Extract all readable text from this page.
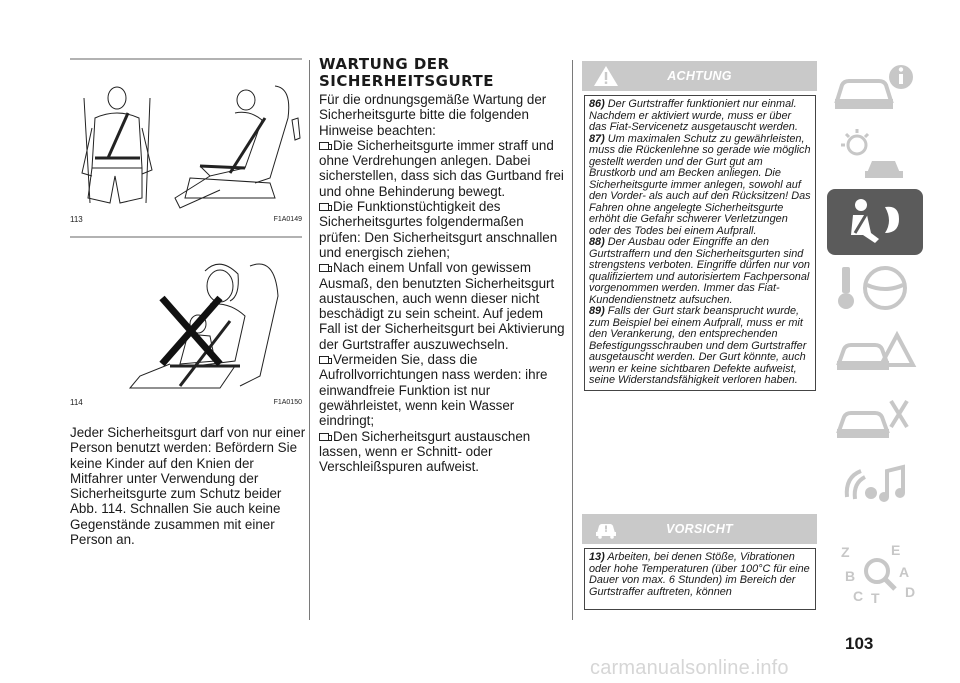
113	F1A0149
114	F1A0150
Jeder Sicherheitsgurt darf von nur einer Person benutzt werden: Befördern Sie keine Kinder auf den Knien der Mitfahrer unter Verwendung der Sicherheitsgurte zum Schutz beider Abb. 114. Schnallen Sie auch keine Gegenstände zusammen mit einer Person an.
WARTUNG DER
SICHERHEITSGURTE

Für die ordnungsgemäße Wartung der Sicherheitsgurte bitte die folgenden Hinweise beachten:

Die Sicherheitsgurte immer straff und ohne Verdrehungen anlegen. Dabei sicherstellen, dass sich das Gurtband frei und ohne Behinderung bewegt.

Die Funktionstüchtigkeit des Sicherheitsgurtes folgendermaßen prüfen: Den Sicherheitsgurt anschnallen und energisch ziehen;

Nach einem Unfall von gewissem Ausmaß, den benutzten Sicherheitsgurt austauschen, auch wenn dieser nicht beschädigt zu sein scheint. Auf jedem Fall ist der Sicherheitsgurt bei Aktivierung der Gurtstraffer auszuwechseln.

Vermeiden Sie, dass die Aufrollvorrichtungen nass werden: ihre einwandfreie Funktion ist nur gewährleistet, wenn kein Wasser eindringt;

Den Sicherheitsgurt austauschen lassen, wenn er Schnitt- oder Verschleißspuren aufweist.

ACHTUNG
86) Der Gurtstraffer funktioniert nur einmal. Nachdem er aktiviert wurde, muss er über das Fiat-Servicenetz ausgetauscht werden.
87) Um maximalen Schutz zu gewährleisten, muss die Rückenlehne so gerade wie möglich gestellt werden und der Gurt gut am Brustkorb und am Becken anliegen. Die Sicherheitsgurte immer anlegen, sowohl auf den Vorder- als auch auf den Rücksitzen! Das Fahren ohne angelegte Sicherheitsgurte erhöht die Gefahr schwerer Verletzungen oder des Todes bei einem Aufprall.
88) Der Ausbau oder Eingriffe an den Gurtstraffern und den Sicherheitsgurten sind strengstens verboten. Eingriffe dürfen nur von qualifiziertem und autorisiertem Fachpersonal vorgenommen werden. Immer das Fiat-Kundendienstnetz aufsuchen.
89) Falls der Gurt stark beansprucht wurde, zum Beispiel bei einem Aufprall, muss er mit den Verankerung, den entsprechenden Befestigungsschrauben und dem Gurtstraffer ausgetauscht werden. Der Gurt könnte, auch wenn er keine sichtbaren Defekte aufweist, seine Widerstandsfähigkeit verloren haben.
VORSICHT
13) Arbeiten, bei denen Stöße, Vibrationen oder hohe Temperaturen (über 100°C für eine Dauer von max. 6 Stunden) im Bereich der Gurtstraffer auftreten, können
Z	E
B	A
C	D
T
103
carmanualsonline.info
